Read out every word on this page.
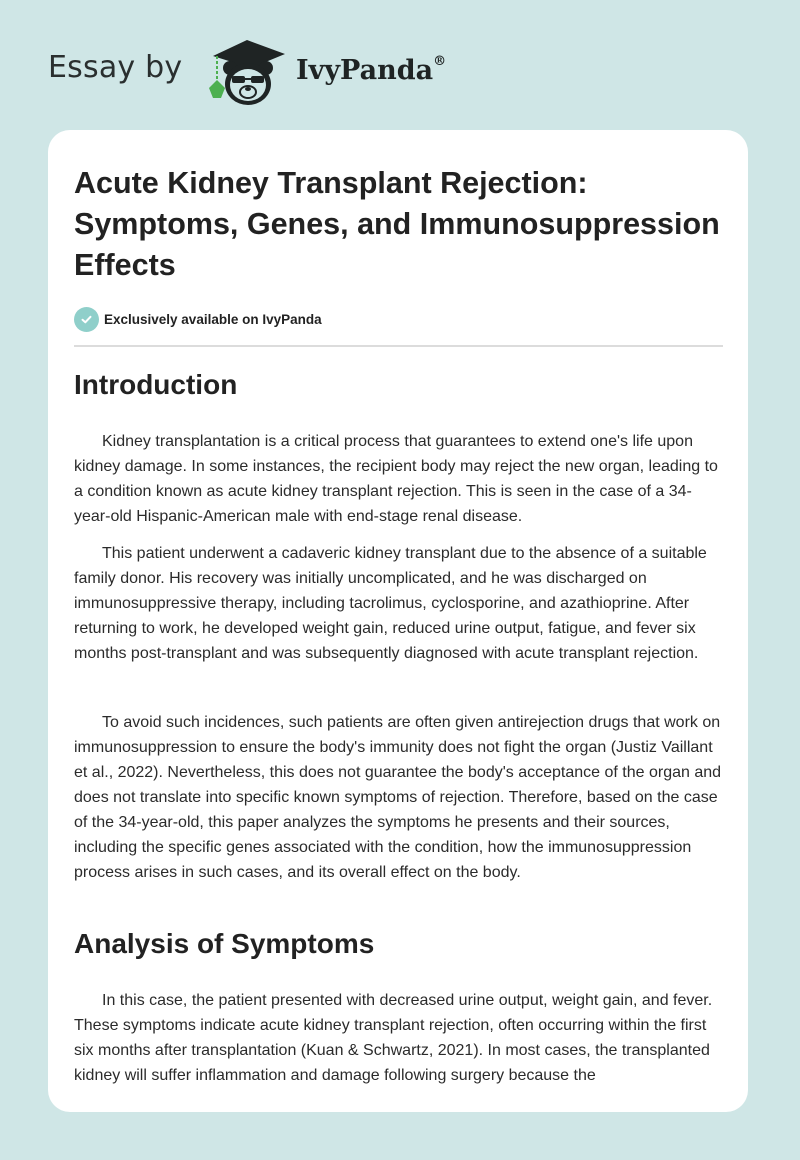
Essay by	IvyPanda®
Acute Kidney Transplant Rejection: Symptoms, Genes, and Immunosuppression Effects
Exclusively available on IvyPanda
Introduction

Kidney transplantation is a critical process that guarantees to extend one's life upon kidney damage. In some instances, the recipient body may reject the new organ, leading to a condition known as acute kidney transplant rejection. This is seen in the case of a 34-year-old Hispanic-American male with end-stage renal disease.

This patient underwent a cadaveric kidney transplant due to the absence of a suitable family donor. His recovery was initially uncomplicated, and he was discharged on immunosuppressive therapy, including tacrolimus, cyclosporine, and azathioprine. After returning to work, he developed weight gain, reduced urine output, fatigue, and fever six months post-transplant and was subsequently diagnosed with acute transplant rejection.

To avoid such incidences, such patients are often given antirejection drugs that work on immunosuppression to ensure the body's immunity does not fight the organ (Justiz Vaillant et al., 2022). Nevertheless, this does not guarantee the body's acceptance of the organ and does not translate into specific known symptoms of rejection. Therefore, based on the case of the 34-year-old, this paper analyzes the symptoms he presents and their sources, including the specific genes associated with the condition, how the immunosuppression process arises in such cases, and its overall effect on the body.

Analysis of Symptoms

In this case, the patient presented with decreased urine output, weight gain, and fever. These symptoms indicate acute kidney transplant rejection, often occurring within the first six months after transplantation (Kuan & Schwartz, 2021). In most cases, the transplanted kidney will suffer inflammation and damage following surgery because the
